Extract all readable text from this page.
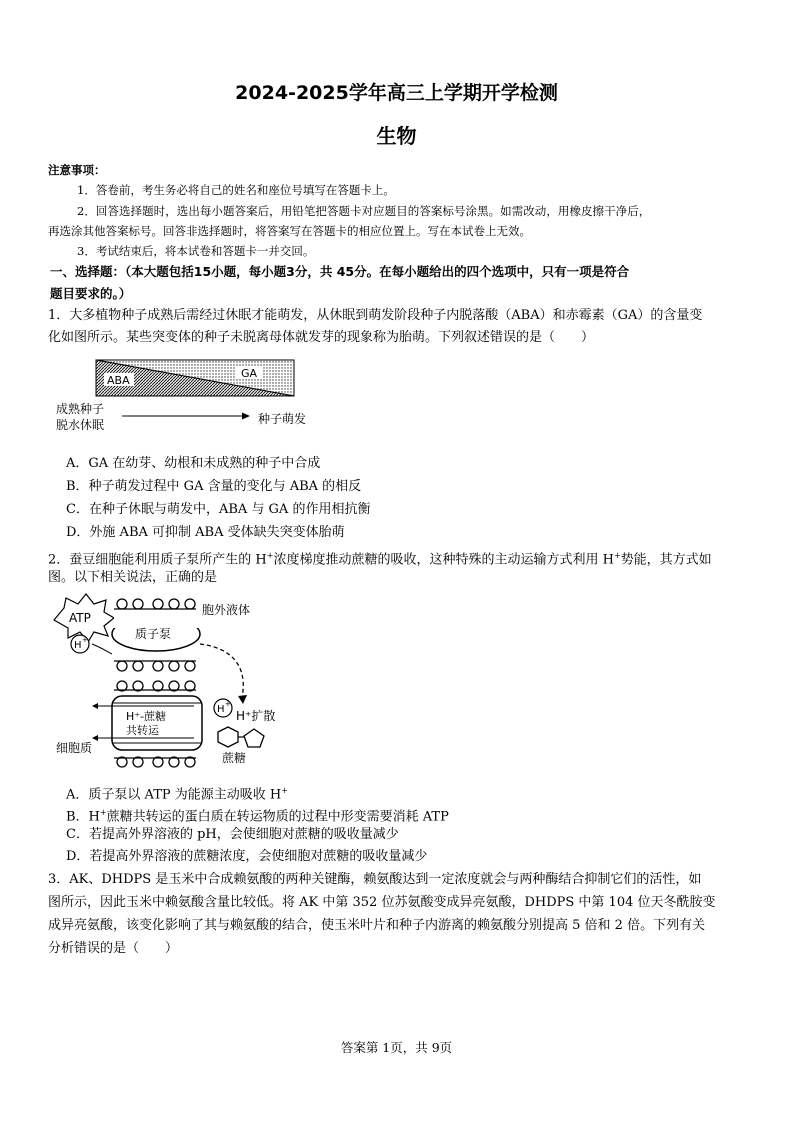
2024-2025学年高三上学期开学检测
生物
注意事项：
1．答卷前，考生务必将自己的姓名和座位号填写在答题卡上。
2．回答选择题时，选出每小题答案后，用铅笔把答题卡对应题目的答案标号涂黑。如需改动，用橡皮擦干净后，
再选涂其他答案标号。回答非选择题时，将答案写在答题卡的相应位置上。写在本试卷上无效。
3．考试结束后，将本试卷和答题卡一并交回。
一、选择题：（本大题包括15小题，每小题3分，共 45分。在每小题给出的四个选项中，只有一项是符合
题目要求的。）
1．大多植物种子成熟后需经过休眠才能萌发，从休眠到萌发阶段种子内脱落酸（ABA）和赤霉素（GA）的含量变
化如图所示。某些突变体的种子未脱离母体就发芽的现象称为胎萌。下列叙述错误的是（　　）
ABA
GA
成熟种子
脱水休眠	种子萌发
A．GA 在幼芽、幼根和未成熟的种子中合成
B．种子萌发过程中 GA 含量的变化与 ABA 的相反
C．在种子休眠与萌发中，ABA 与 GA 的作用相抗衡
D．外施 ABA 可抑制 ABA 受体缺失突变体胎萌
2．蚕豆细胞能利用质子泵所产生的 H+浓度梯度推动蔗糖的吸收，这种特殊的主动运输方式利用 H+势能，其方式如
图。以下相关说法，正确的是
ATP
质子泵
H +
胞外液体
H⁺-蔗糖
共转运
H +
H⁺扩散
蔗糖
细胞质
A．质子泵以 ATP 为能源主动吸收 H+
B．H+蔗糖共转运的蛋白质在转运物质的过程中形变需要消耗 ATP
C．若提高外界溶液的 pH，会使细胞对蔗糖的吸收量减少
D．若提高外界溶液的蔗糖浓度，会使细胞对蔗糖的吸收量减少
3．AK、DHDPS 是玉米中合成赖氨酸的两种关键酶，赖氨酸达到一定浓度就会与两种酶结合抑制它们的活性，如
图所示，因此玉米中赖氨酸含量比较低。将 AK 中第 352 位苏氨酸变成异亮氨酸，DHDPS 中第 104 位天冬酰胺变
成异亮氨酸，该变化影响了其与赖氨酸的结合，使玉米叶片和种子内游离的赖氨酸分别提高 5 倍和 2 倍。下列有关
分析错误的是（　　）
答案第 1页，共 9页
